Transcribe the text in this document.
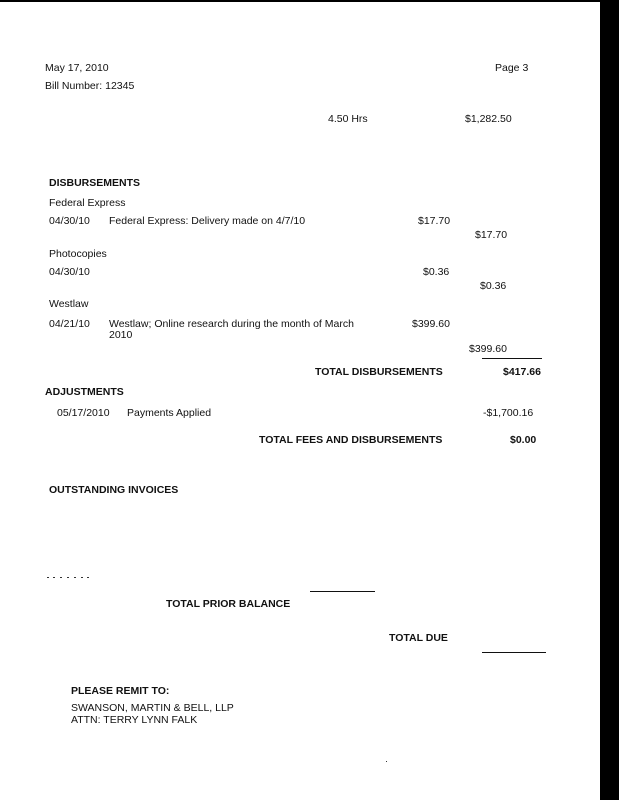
May 17, 2010	Page 3
Bill Number: 12345
4.50 Hrs	$1,282.50
DISBURSEMENTS
Federal Express
04/30/10 Federal Express: Delivery made on 4/7/10	$17.70
$17.70
Photocopies
04/30/10	$0.36
$0.36
Westlaw
04/21/10 Westlaw; Online research during the month of March
2010
$399.60
$399.60
TOTAL DISBURSEMENTS	$417.66
ADJUSTMENTS
05/17/2010 Payments Applied	-$1,700.16
TOTAL FEES AND DISBURSEMENTS	$0.00
OUTSTANDING INVOICES
TOTAL PRIOR BALANCE
TOTAL DUE
PLEASE REMIT TO:
SWANSON, MARTIN & BELL, LLP
ATTN: TERRY LYNN FALK
